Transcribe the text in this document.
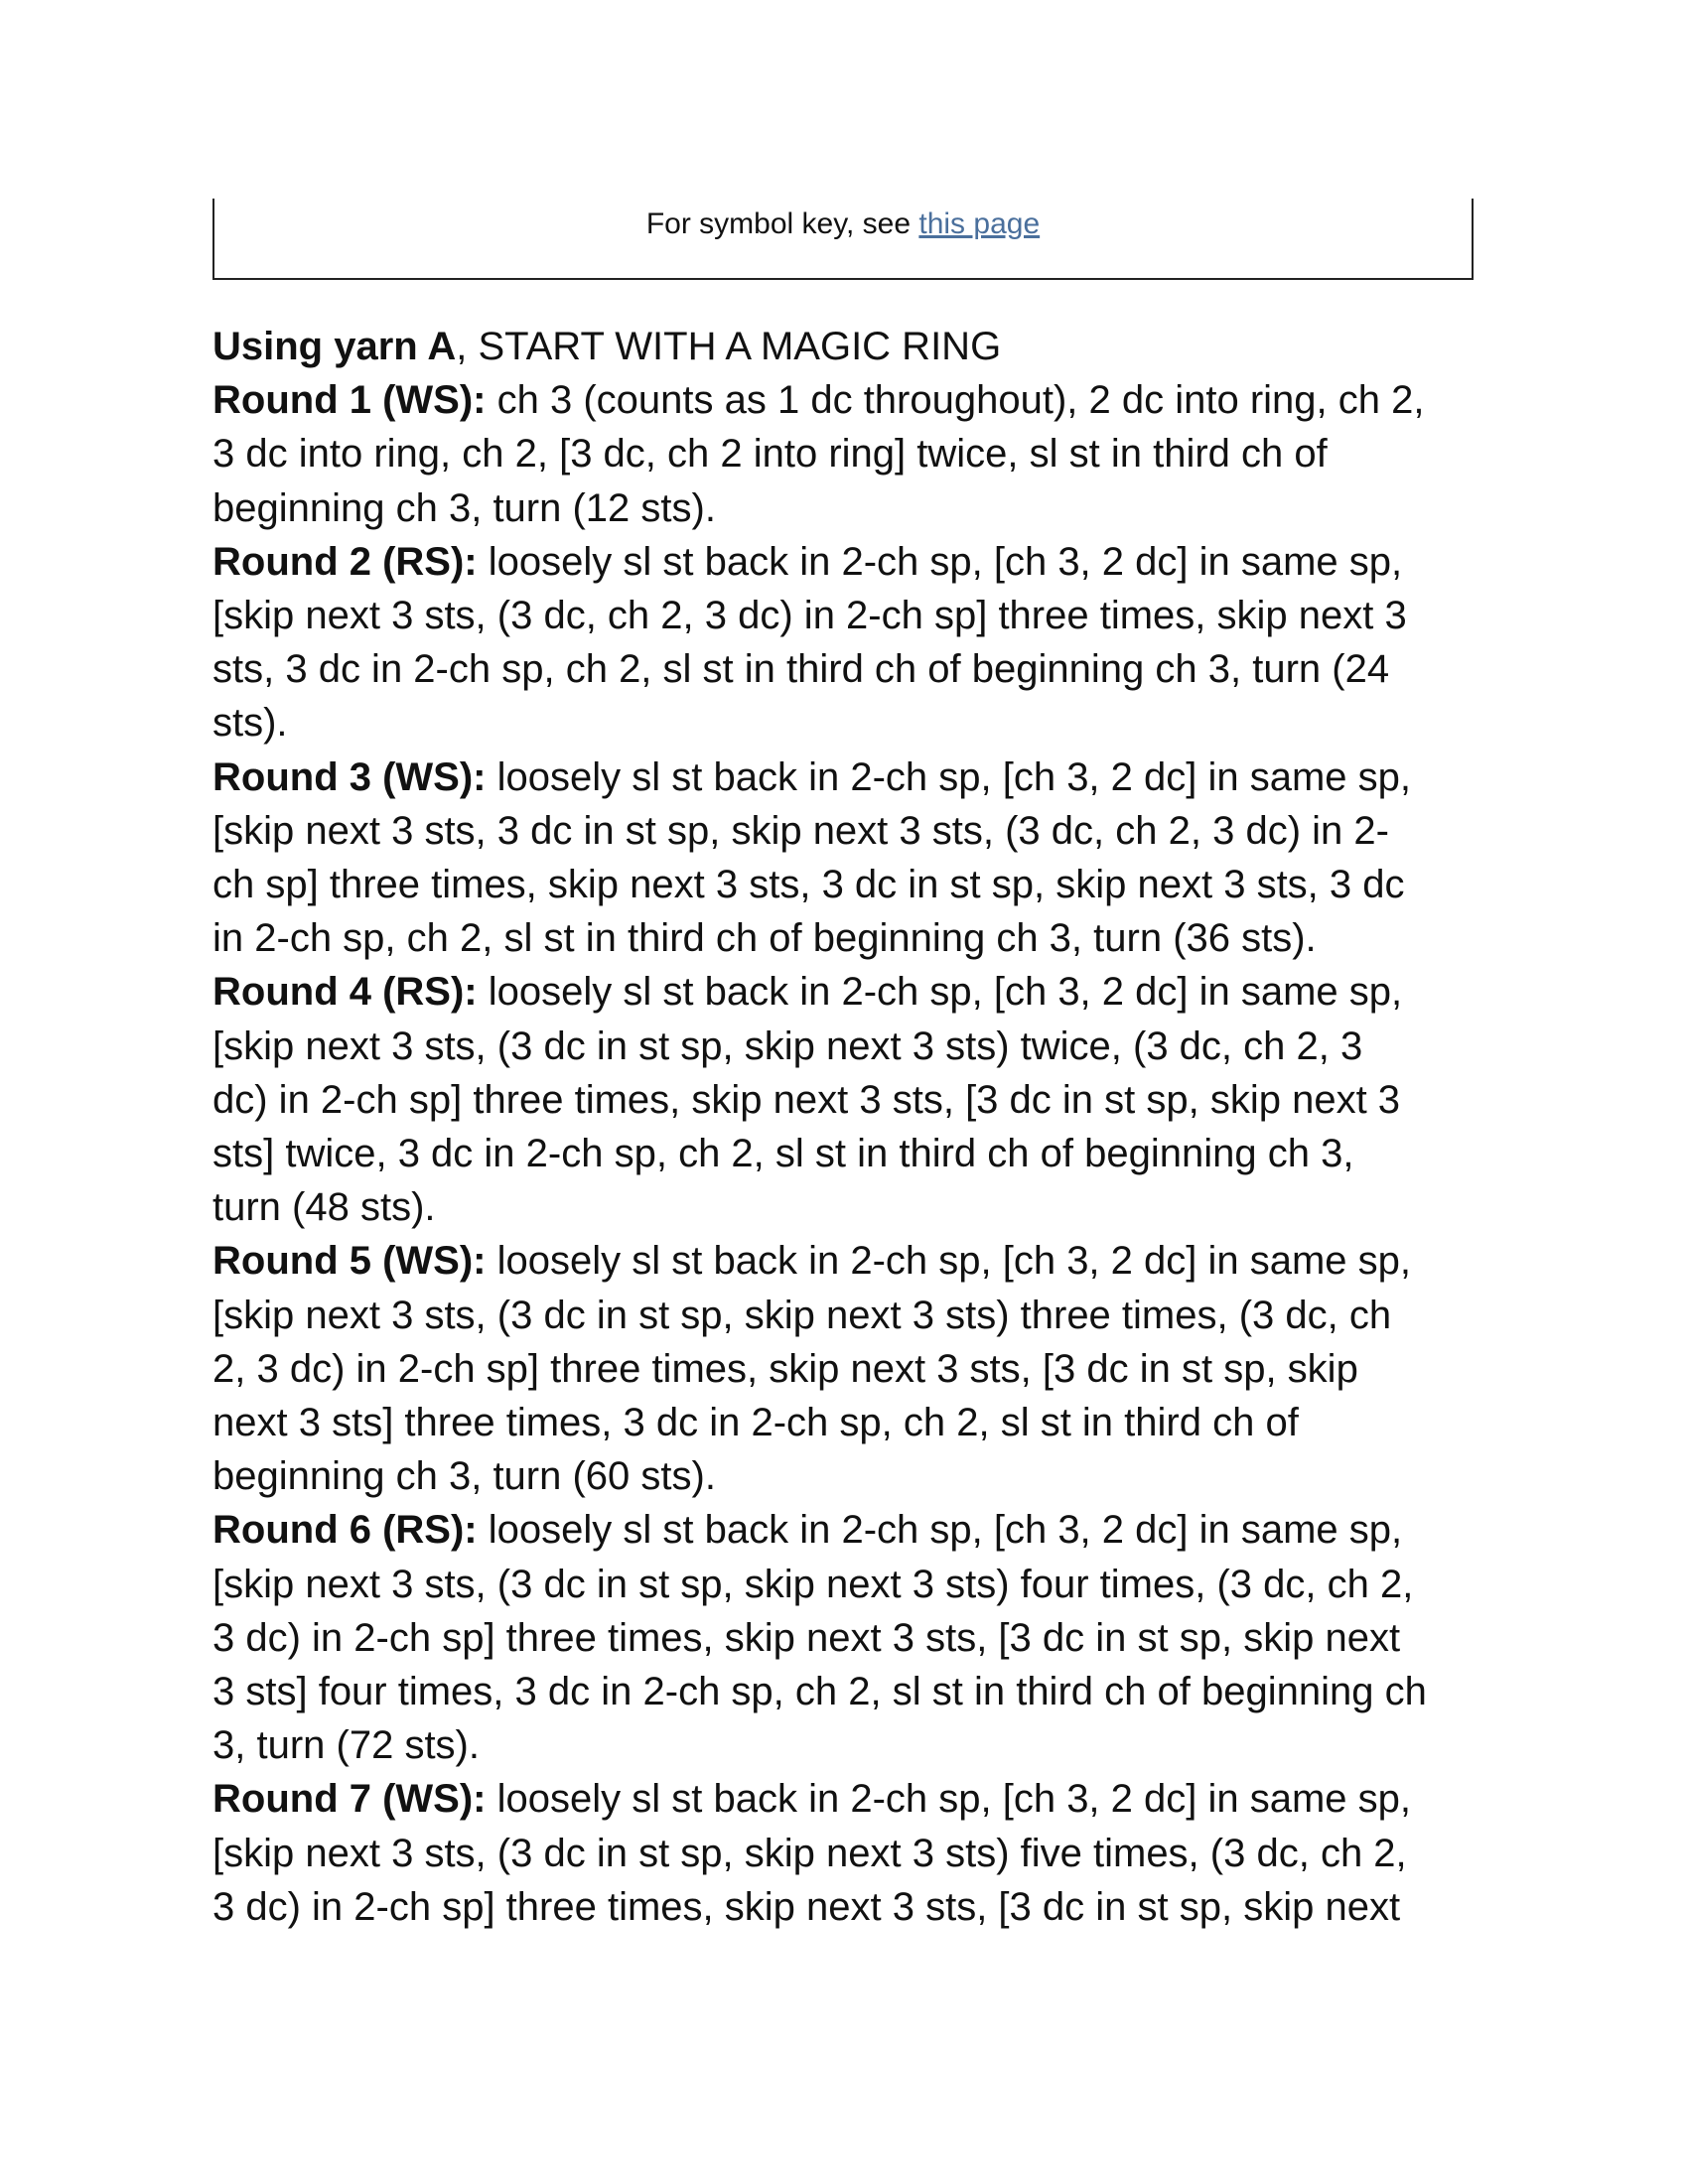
For symbol key, see this page

Using yarn A, START WITH A MAGIC RING

Round 1 (WS): ch 3 (counts as 1 dc throughout), 2 dc into ring, ch 2,
3 dc into ring, ch 2, [3 dc, ch 2 into ring] twice, sl st in third ch of
beginning ch 3, turn (12 sts).

Round 2 (RS): loosely sl st back in 2-ch sp, [ch 3, 2 dc] in same sp,
[skip next 3 sts, (3 dc, ch 2, 3 dc) in 2-ch sp] three times, skip next 3
sts, 3 dc in 2-ch sp, ch 2, sl st in third ch of beginning ch 3, turn (24
sts).

Round 3 (WS): loosely sl st back in 2-ch sp, [ch 3, 2 dc] in same sp,
[skip next 3 sts, 3 dc in st sp, skip next 3 sts, (3 dc, ch 2, 3 dc) in 2-
ch sp] three times, skip next 3 sts, 3 dc in st sp, skip next 3 sts, 3 dc
in 2-ch sp, ch 2, sl st in third ch of beginning ch 3, turn (36 sts).

Round 4 (RS): loosely sl st back in 2-ch sp, [ch 3, 2 dc] in same sp,
[skip next 3 sts, (3 dc in st sp, skip next 3 sts) twice, (3 dc, ch 2, 3
dc) in 2-ch sp] three times, skip next 3 sts, [3 dc in st sp, skip next 3
sts] twice, 3 dc in 2-ch sp, ch 2, sl st in third ch of beginning ch 3,
turn (48 sts).

Round 5 (WS): loosely sl st back in 2-ch sp, [ch 3, 2 dc] in same sp,
[skip next 3 sts, (3 dc in st sp, skip next 3 sts) three times, (3 dc, ch
2, 3 dc) in 2-ch sp] three times, skip next 3 sts, [3 dc in st sp, skip
next 3 sts] three times, 3 dc in 2-ch sp, ch 2, sl st in third ch of
beginning ch 3, turn (60 sts).

Round 6 (RS): loosely sl st back in 2-ch sp, [ch 3, 2 dc] in same sp,
[skip next 3 sts, (3 dc in st sp, skip next 3 sts) four times, (3 dc, ch 2,
3 dc) in 2-ch sp] three times, skip next 3 sts, [3 dc in st sp, skip next
3 sts] four times, 3 dc in 2-ch sp, ch 2, sl st in third ch of beginning ch
3, turn (72 sts).

Round 7 (WS): loosely sl st back in 2-ch sp, [ch 3, 2 dc] in same sp,
[skip next 3 sts, (3 dc in st sp, skip next 3 sts) five times, (3 dc, ch 2,
3 dc) in 2-ch sp] three times, skip next 3 sts, [3 dc in st sp, skip next
